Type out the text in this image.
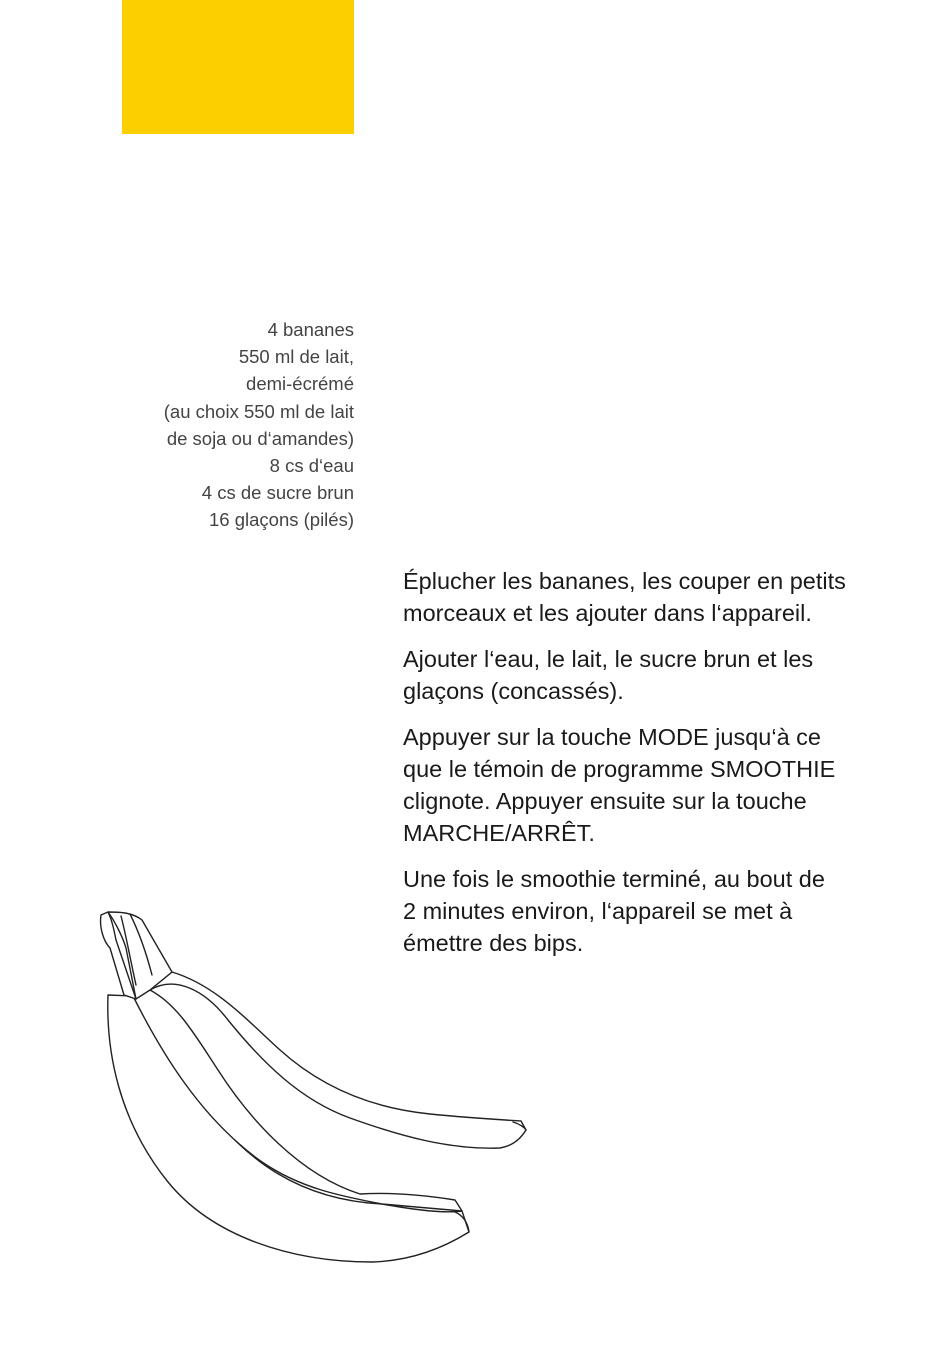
4 bananes
550 ml de lait,
demi-écrémé
(au choix 550 ml de lait
de soja ou d‘amandes)
8 cs d‘eau
4 cs de sucre brun
16 glaçons (pilés)

Éplucher les bananes, les couper en petits
morceaux et les ajouter dans l‘appareil.

Ajouter l‘eau, le lait, le sucre brun et les
glaçons (concassés).

Appuyer sur la touche MODE jusqu‘à ce
que le témoin de programme SMOOTHIE
clignote. Appuyer ensuite sur la touche
MARCHE/ARRÊT.

Une fois le smoothie terminé, au bout de
2 minutes environ, l‘appareil se met à
émettre des bips.
